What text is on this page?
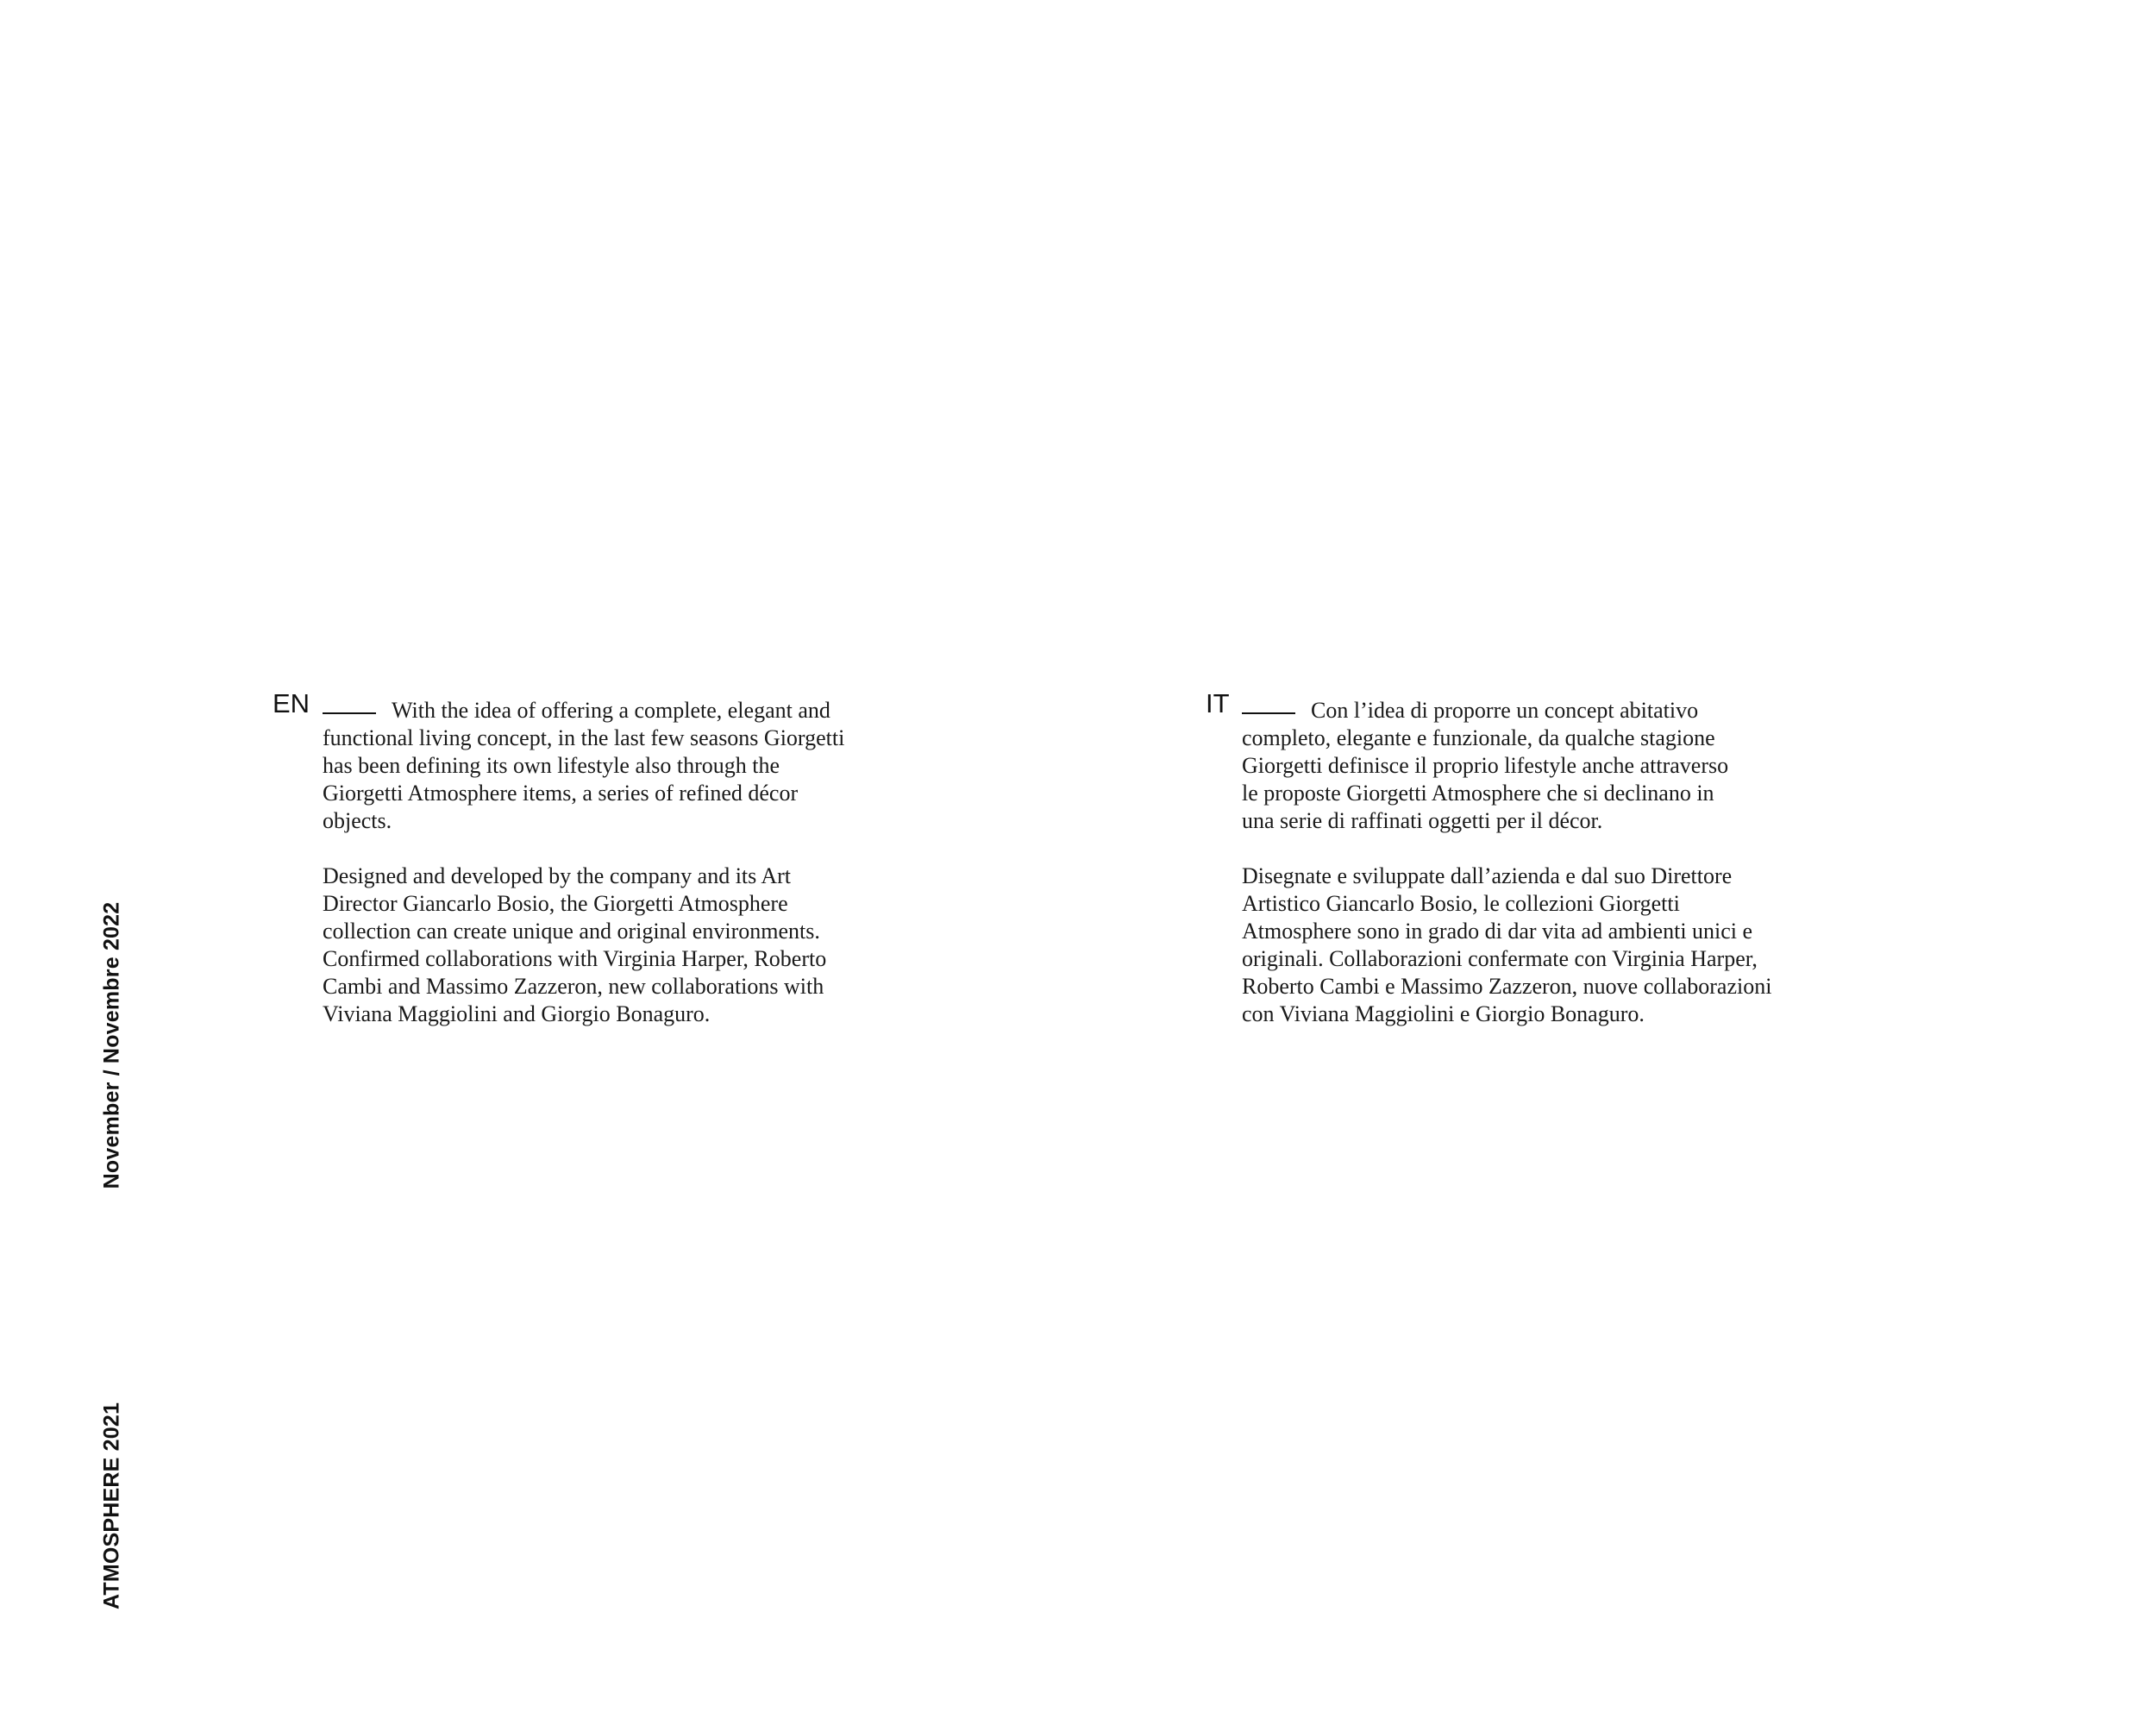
November / Novembre 2022
ATMOSPHERE 2021
EN	With the idea of offering a complete, elegant and
functional living concept, in the last few seasons Giorgetti
has been defining its own lifestyle also through the
Giorgetti Atmosphere items, a series of refined décor
objects.

Designed and developed by the company and its Art
Director Giancarlo Bosio, the Giorgetti Atmosphere
collection can create unique and original environments.
Confirmed collaborations with Virginia Harper, Roberto
Cambi and Massimo Zazzeron, new collaborations with
Viviana Maggiolini and Giorgio Bonaguro.

IT	Con l’idea di proporre un concept abitativo
completo, elegante e funzionale, da qualche stagione
Giorgetti definisce il proprio lifestyle anche attraverso
le proposte Giorgetti Atmosphere che si declinano in
una serie di raffinati oggetti per il décor.

Disegnate e sviluppate dall’azienda e dal suo Direttore
Artistico Giancarlo Bosio, le collezioni Giorgetti
Atmosphere sono in grado di dar vita ad ambienti unici e
originali. Collaborazioni confermate con Virginia Harper,
Roberto Cambi e Massimo Zazzeron, nuove collaborazioni
con Viviana Maggiolini e Giorgio Bonaguro.
